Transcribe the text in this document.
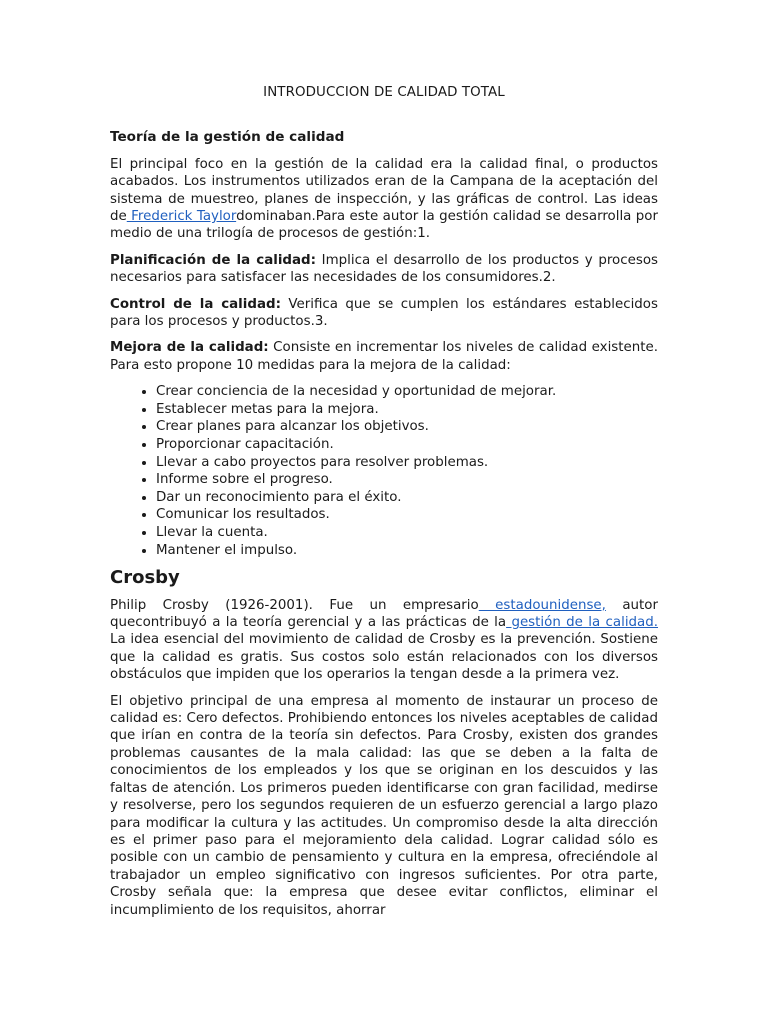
INTRODUCCION DE CALIDAD TOTAL
Teoría de la gestión de calidad

El principal foco en la gestión de la calidad era la calidad final, o productos acabados. Los instrumentos utilizados eran de la Campana de la aceptación del sistema de muestreo, planes de inspección, y las gráficas de control. Las ideas de Frederick Taylordominaban.Para este autor la gestión calidad se desarrolla por medio de una trilogía de procesos de gestión:1.

Planificación de la calidad: Implica el desarrollo de los productos y procesos necesarios para satisfacer las necesidades de los consumidores.2.

Control de la calidad: Verifica que se cumplen los estándares establecidos para los procesos y productos.3.

Mejora de la calidad: Consiste en incrementar los niveles de calidad existente. Para esto propone 10 medidas para la mejora de la calidad:

• Crear conciencia de la necesidad y oportunidad de mejorar.
• Establecer metas para la mejora.
• Crear planes para alcanzar los objetivos.
• Proporcionar capacitación.
• Llevar a cabo proyectos para resolver problemas.
• Informe sobre el progreso.
• Dar un reconocimiento para el éxito.
• Comunicar los resultados.
• Llevar la cuenta.
• Mantener el impulso.
Crosby

Philip Crosby (1926-2001). Fue un empresario estadounidense, autor quecontribuyó a la teoría gerencial y a las prácticas de la gestión de la calidad. La idea esencial del movimiento de calidad de Crosby es la prevención. Sostiene que la calidad es gratis. Sus costos solo están relacionados con los diversos obstáculos que impiden que los operarios la tengan desde a la primera vez.

El objetivo principal de una empresa al momento de instaurar un proceso de calidad es: Cero defectos. Prohibiendo entonces los niveles aceptables de calidad que irían en contra de la teoría sin defectos. Para Crosby, existen dos grandes problemas causantes de la mala calidad: las que se deben a la falta de conocimientos de los empleados y los que se originan en los descuidos y las faltas de atención. Los primeros pueden identificarse con gran facilidad, medirse y resolverse, pero los segundos requieren de un esfuerzo gerencial a largo plazo para modificar la cultura y las actitudes. Un compromiso desde la alta dirección es el primer paso para el mejoramiento dela calidad. Lograr calidad sólo es posible con un cambio de pensamiento y cultura en la empresa, ofreciéndole al trabajador un empleo significativo con ingresos suficientes. Por otra parte, Crosby señala que: la empresa que desee evitar conflictos, eliminar el incumplimiento de los requisitos, ahorrar
